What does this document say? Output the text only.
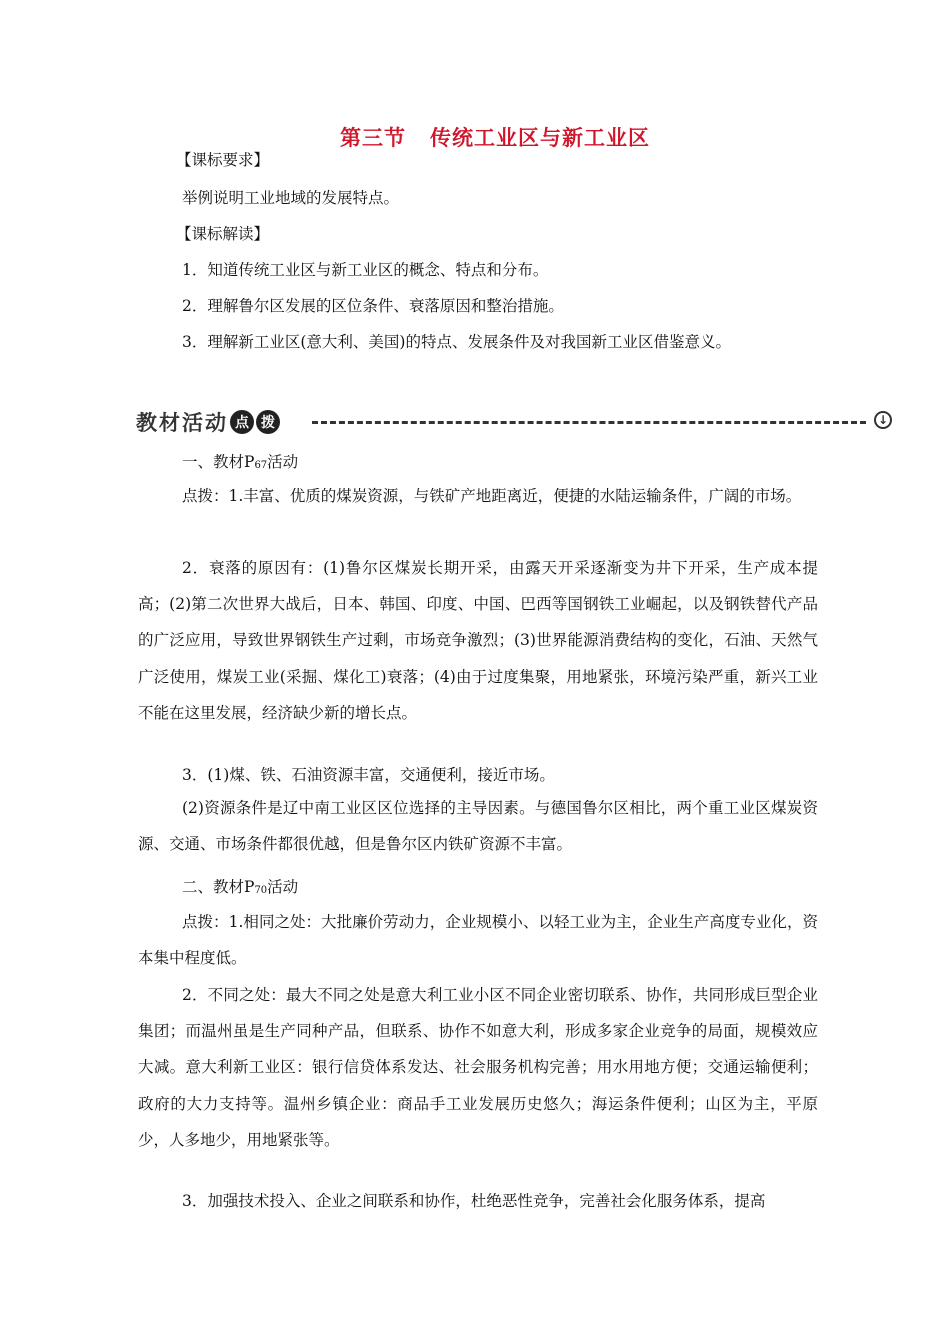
第三节 传统工业区与新工业区
【课标要求】
举例说明工业地域的发展特点。
【课标解读】
1．知道传统工业区与新工业区的概念、特点和分布。
2．理解鲁尔区发展的区位条件、衰落原因和整治措施。
3．理解新工业区(意大利、美国)的特点、发展条件及对我国新工业区借鉴意义。
教 材 活 动 点 拨	↓
一、教材$P_{67}$活动
点拨：1.丰富、优质的煤炭资源，与铁矿产地距离近，便捷的水陆运输条件，广阔的市场。
2．衰落的原因有：(1)鲁尔区煤炭长期开采，由露天开采逐渐变为井下开采，生产成本提高；(2)第二次世界大战后，日本、韩国、印度、中国、巴西等国钢铁工业崛起，以及钢铁替代产品的广泛应用，导致世界钢铁生产过剩，市场竞争激烈；(3)世界能源消费结构的变化，石油、天然气广泛使用，煤炭工业(采掘、煤化工)衰落；(4)由于过度集聚，用地紧张，环境污染严重，新兴工业不能在这里发展，经济缺少新的增长点。
3．(1)煤、铁、石油资源丰富，交通便利，接近市场。
(2)资源条件是辽中南工业区区位选择的主导因素。与德国鲁尔区相比，两个重工业区煤炭资源、交通、市场条件都很优越，但是鲁尔区内铁矿资源不丰富。
二、教材$P_{70}$活动
点拨：1.相同之处：大批廉价劳动力，企业规模小、以轻工业为主，企业生产高度专业化，资本集中程度低。
2．不同之处：最大不同之处是意大利工业小区不同企业密切联系、协作，共同形成巨型企业集团；而温州虽是生产同种产品，但联系、协作不如意大利，形成多家企业竞争的局面，规模效应大减。意大利新工业区：银行信贷体系发达、社会服务机构完善；用水用地方便；交通运输便利；政府的大力支持等。温州乡镇企业：商品手工业发展历史悠久；海运条件便利；山区为主，平原少，人多地少，用地紧张等。
3．加强技术投入、企业之间联系和协作，杜绝恶性竞争，完善社会化服务体系，提高
